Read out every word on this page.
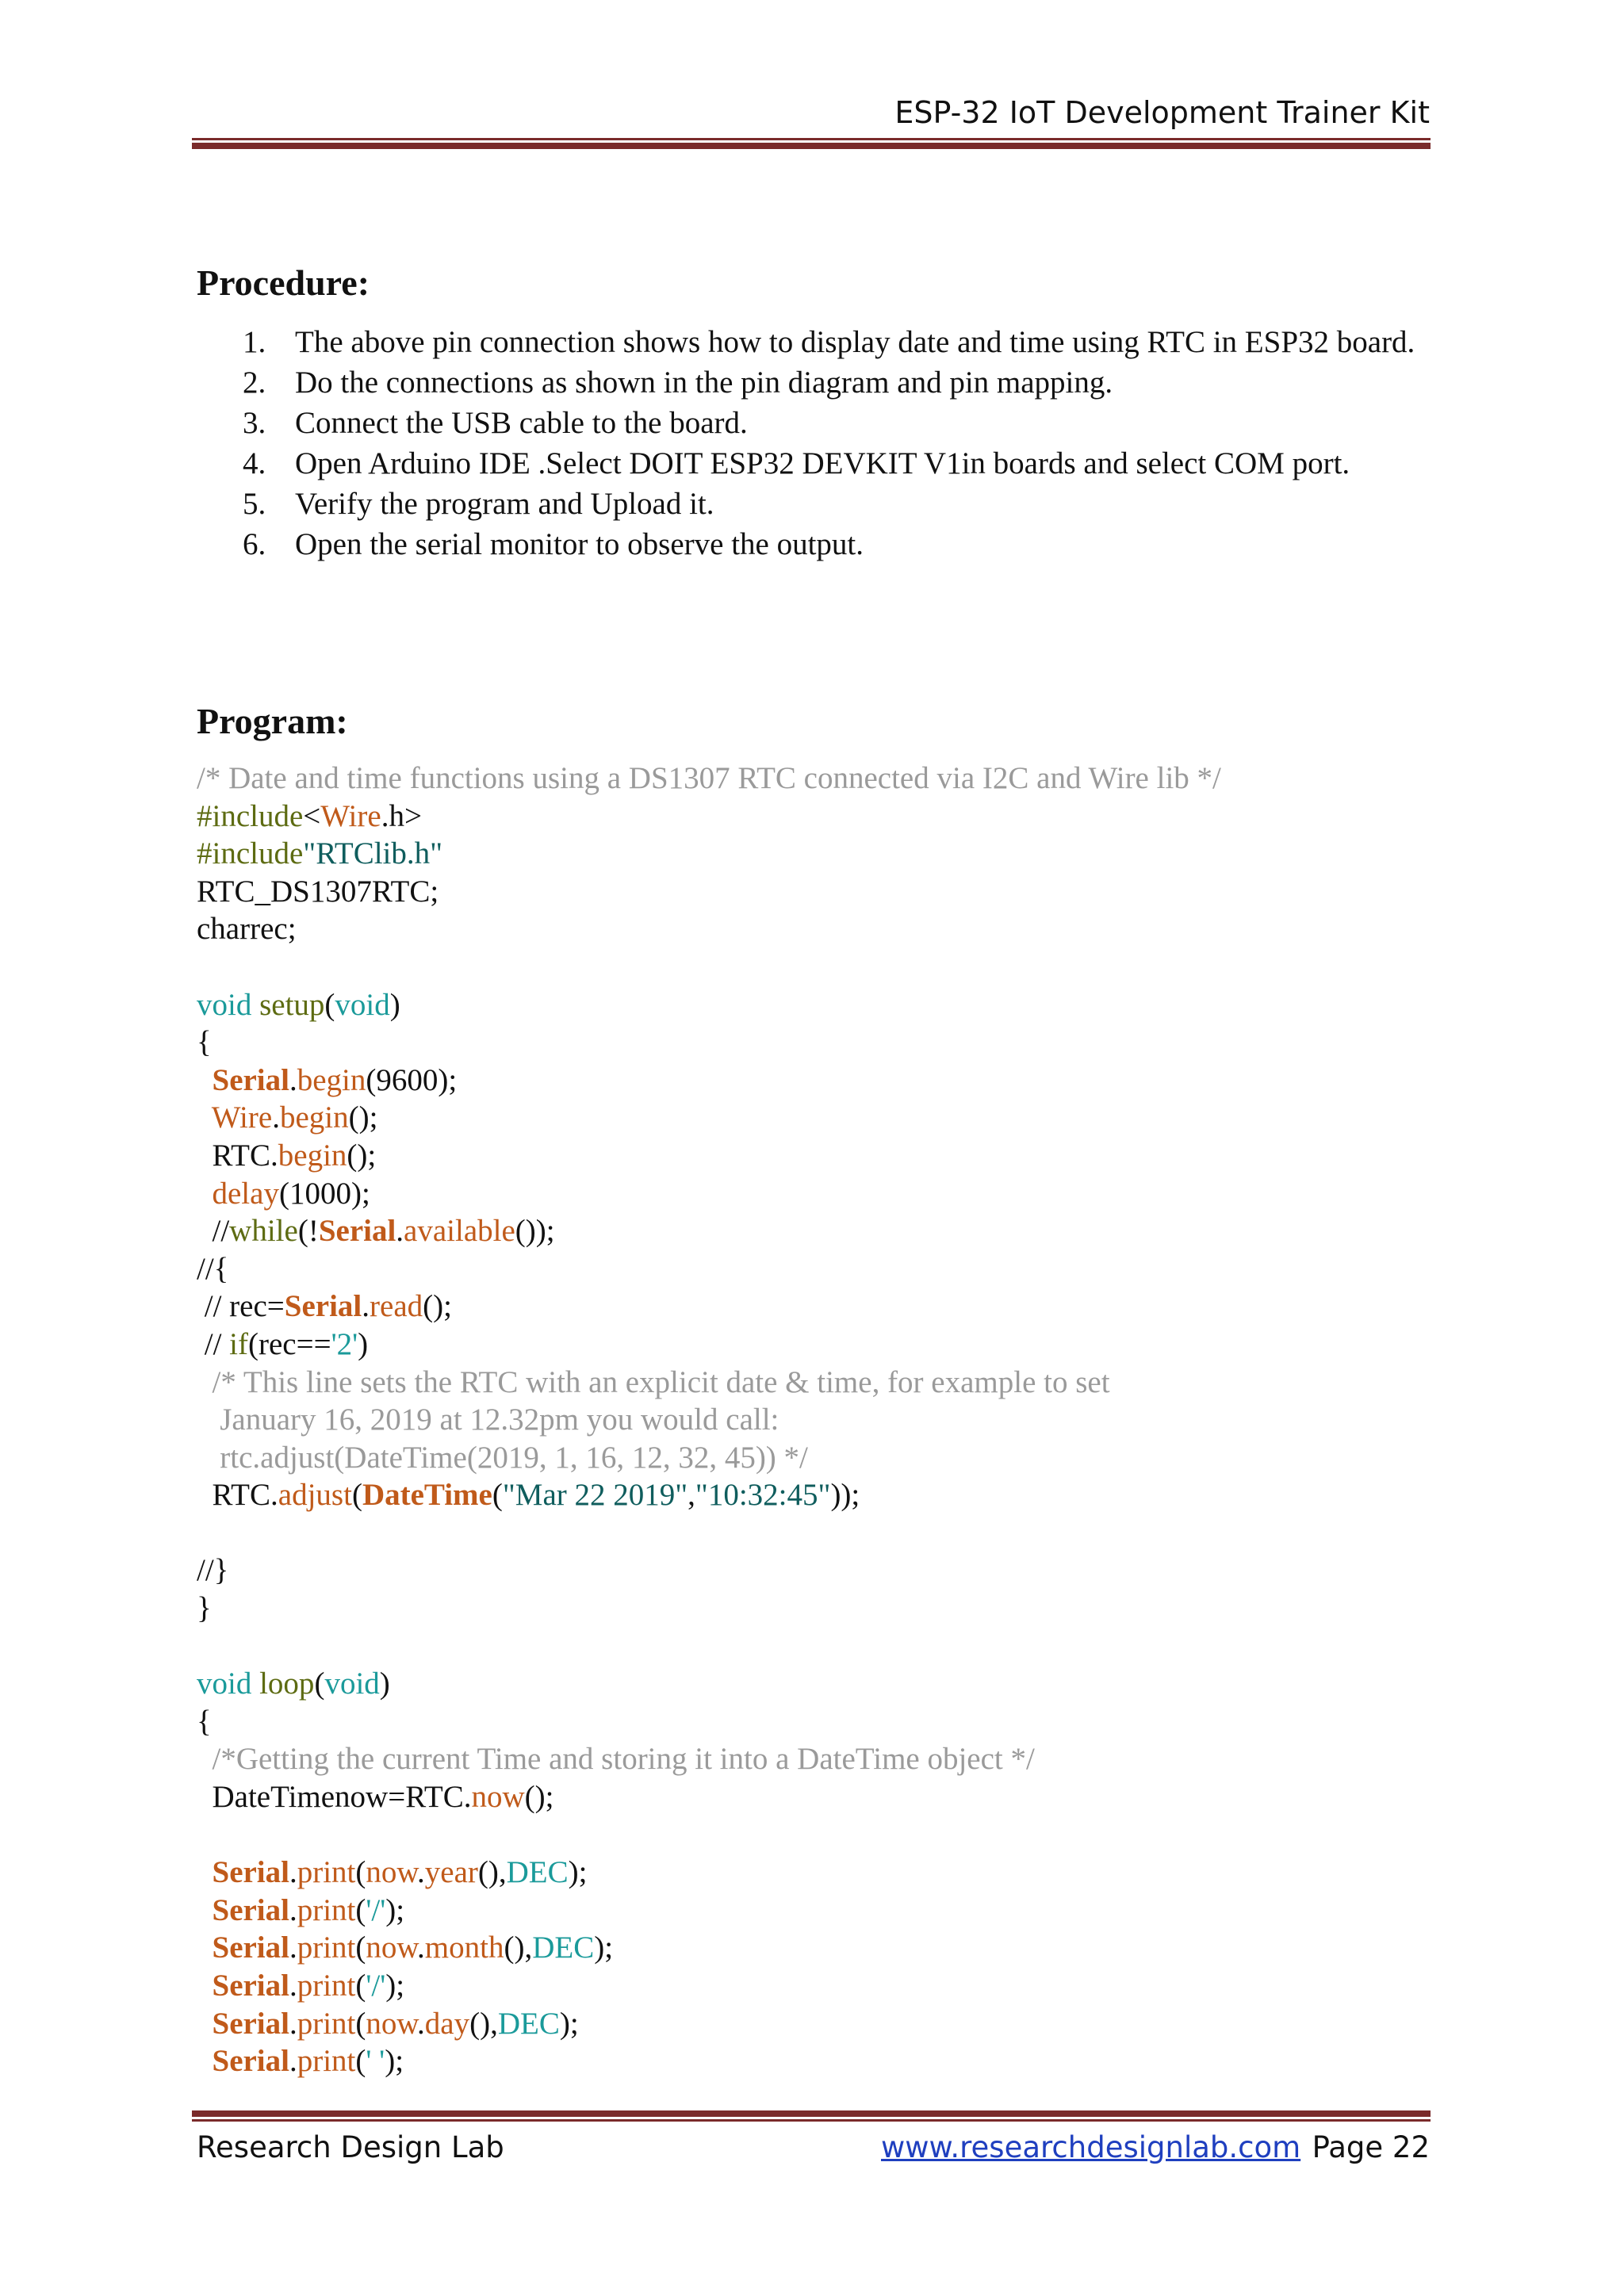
ESP-32 IoT Development Trainer Kit
Procedure:
1. The above pin connection shows how to display date and time using RTC in ESP32 board.
2. Do the connections as shown in the pin diagram and pin mapping.
3. Connect the USB cable to the board.
4. Open Arduino IDE .Select DOIT ESP32 DEVKIT V1in boards and select COM port.
5. Verify the program and Upload it.
6. Open the serial monitor to observe the output.
Program:
/* Date and time functions using a DS1307 RTC connected via I2C and Wire lib */
#include<Wire.h>
#include"RTClib.h"
RTC_DS1307RTC;
charrec;
void setup(void)
{
Serial.begin(9600);
Wire.begin();
RTC.begin();
delay(1000);
//while(!Serial.available());
//{
// rec=Serial.read();
// if(rec=='2')
/* This line sets the RTC with an explicit date & time, for example to set
January 16, 2019 at 12.32pm you would call:
rtc.adjust(DateTime(2019, 1, 16, 12, 32, 45)) */
RTC.adjust(DateTime("Mar 22 2019","10:32:45"));
//}
}
void loop(void)
{
/*Getting the current Time and storing it into a DateTime object */
DateTimenow=RTC.now();
Serial.print(now.year(),DEC);
Serial.print('/');
Serial.print(now.month(),DEC);
Serial.print('/');
Serial.print(now.day(),DEC);
Serial.print(' ');
Research Design Lab	www.researchdesignlab.com Page 22
